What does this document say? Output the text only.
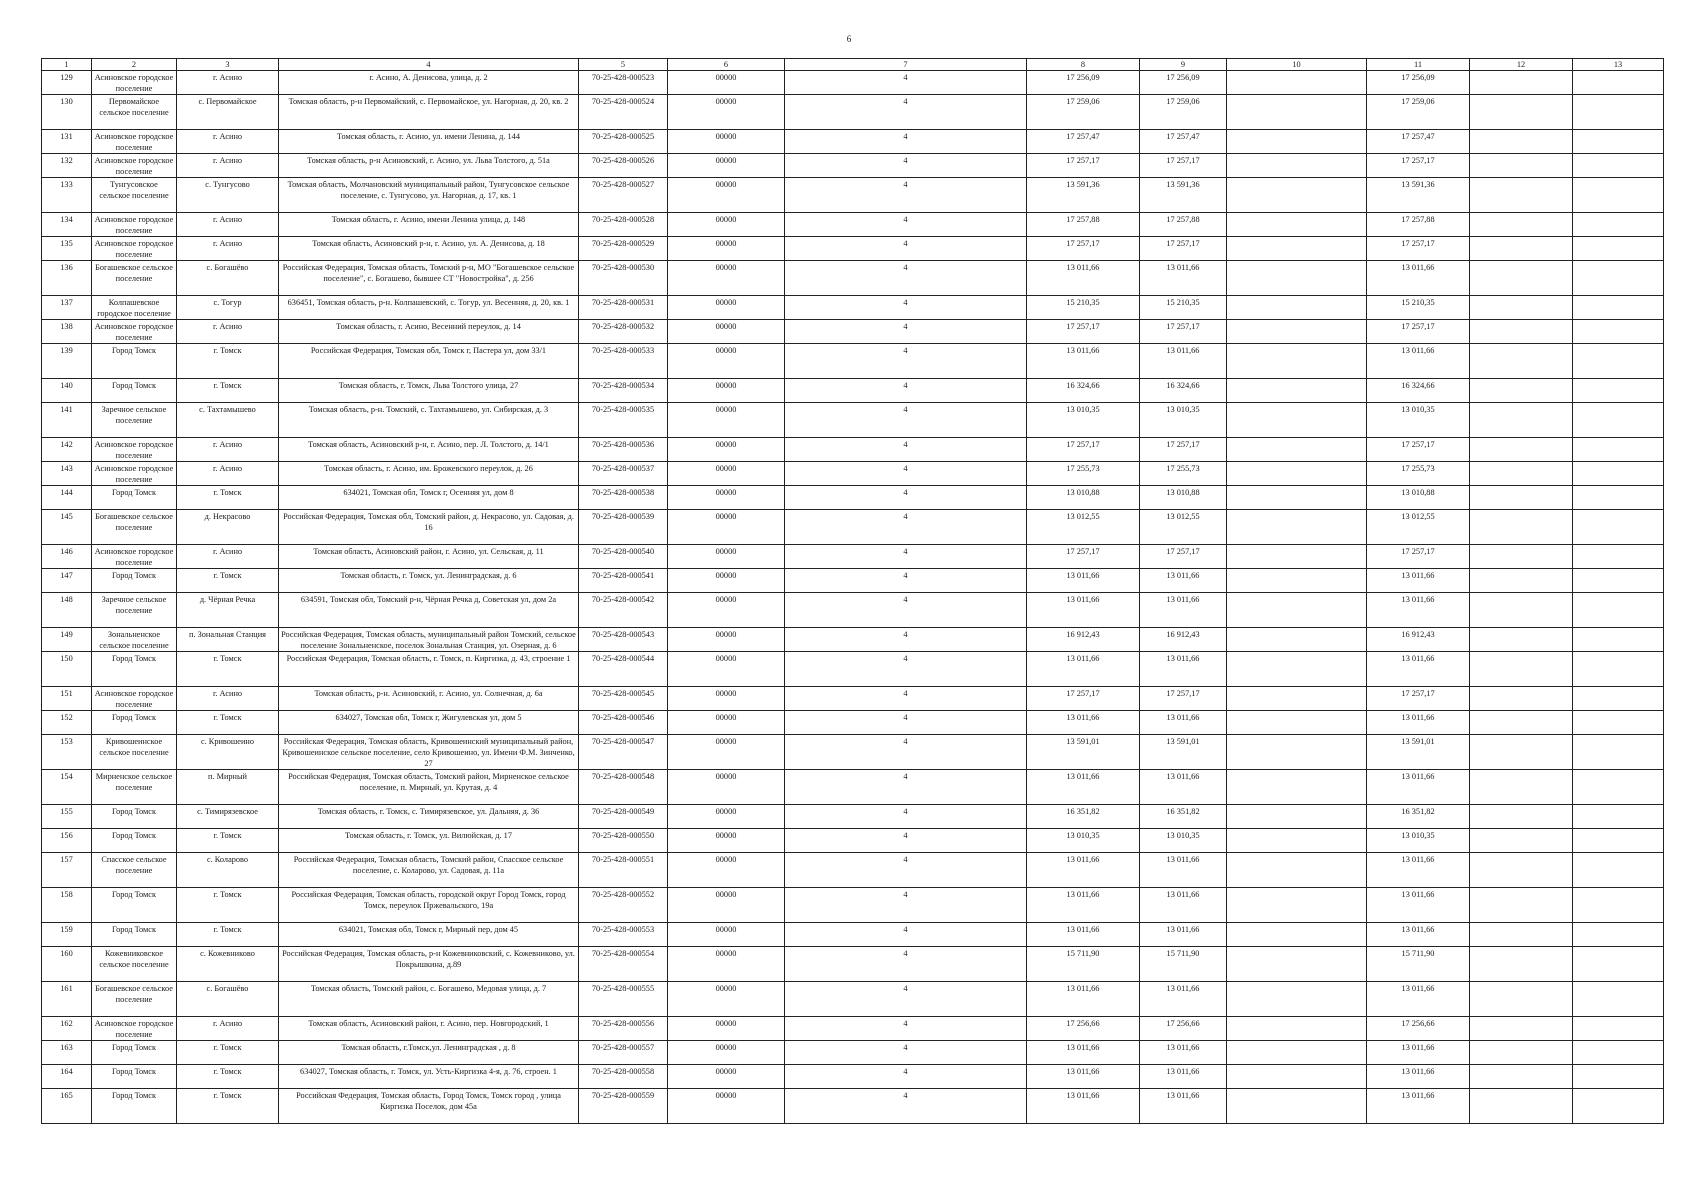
6
1	2	3	4	5	6	7	8	9	10	11	12	13
129	Асиновское городское поселение	г. Асино	г. Асино, А. Денисова, улица, д. 2	70-25-428-000523	00000	4	17 256,09	17 256,09		17 256,09		
130	Первомайское сельское поселение	с. Первомайское	Томская область, р-н Первомайский, с. Первомайское, ул. Нагорная, д. 20, кв. 2	70-25-428-000524	00000	4	17 259,06	17 259,06		17 259,06		
131	Асиновское городское поселение	г. Асино	Томская область, г. Асино, ул. имени Ленина, д. 144	70-25-428-000525	00000	4	17 257,47	17 257,47		17 257,47		
132	Асиновское городское поселение	г. Асино	Томская область, р-н Асиновский, г. Асино, ул. Льва Толстого, д. 51а	70-25-428-000526	00000	4	17 257,17	17 257,17		17 257,17		
133	Тунгусовское сельское поселение	с. Тунгусово	Томская область, Молчановский муниципальный район, Тунгусовское сельское поселение, с. Тунгусово, ул. Нагорная, д. 17, кв. 1	70-25-428-000527	00000	4	13 591,36	13 591,36		13 591,36		
134	Асиновское городское поселение	г. Асино	Томская область, г. Асино, имени Ленина улица, д. 148	70-25-428-000528	00000	4	17 257,88	17 257,88		17 257,88		
135	Асиновское городское поселение	г. Асино	Томская область, Асиновский р-н, г. Асино, ул. А. Денисова, д. 18	70-25-428-000529	00000	4	17 257,17	17 257,17		17 257,17		
136	Богашевское сельское поселение	с. Богашёво	Российская Федерация, Томская область, Томский р-н, МО "Богашевское сельское поселение", с. Богашево, бывшее СТ "Новостройка", д. 256	70-25-428-000530	00000	4	13 011,66	13 011,66		13 011,66		
137	Колпашевское городское поселение	с. Тогур	636451, Томская область, р-н. Колпашевский, с. Тогур, ул. Весенняя, д. 20, кв. 1	70-25-428-000531	00000	4	15 210,35	15 210,35		15 210,35		
138	Асиновское городское поселение	г. Асино	Томская область, г. Асино, Весенний переулок, д. 14	70-25-428-000532	00000	4	17 257,17	17 257,17		17 257,17		
139	Город Томск	г. Томск	Российская Федерация, Томская обл, Томск г, Пастера ул, дом 33/1	70-25-428-000533	00000	4	13 011,66	13 011,66		13 011,66		
140	Город Томск	г. Томск	Томская область, г. Томск, Льва Толстого улица, 27	70-25-428-000534	00000	4	16 324,66	16 324,66		16 324,66		
141	Заречное сельское поселение	с. Тахтамышево	Томская область, р-н. Томский, с. Тахтамышево, ул. Сибирская, д. 3	70-25-428-000535	00000	4	13 010,35	13 010,35		13 010,35		
142	Асиновское городское поселение	г. Асино	Томская область, Асиновский р-н, г. Асино, пер. Л. Толстого, д. 14/1	70-25-428-000536	00000	4	17 257,17	17 257,17		17 257,17		
143	Асиновское городское поселение	г. Асино	Томская область, г. Асино, им. Брожевского переулок, д. 26	70-25-428-000537	00000	4	17 255,73	17 255,73		17 255,73		
144	Город Томск	г. Томск	634021, Томская обл, Томск г, Осенняя ул, дом 8	70-25-428-000538	00000	4	13 010,88	13 010,88		13 010,88		
145	Богашевское сельское поселение	д. Некрасово	Российская Федерация, Томская обл, Томский район, д. Некрасово, ул. Садовая, д. 16	70-25-428-000539	00000	4	13 012,55	13 012,55		13 012,55		
146	Асиновское городское поселение	г. Асино	Томская область, Асиновский район, г. Асино, ул. Сельская, д. 11	70-25-428-000540	00000	4	17 257,17	17 257,17		17 257,17		
147	Город Томск	г. Томск	Томская область, г. Томск, ул. Ленинградская, д. 6	70-25-428-000541	00000	4	13 011,66	13 011,66		13 011,66		
148	Заречное сельское поселение	д. Чёрная Речка	634591, Томская обл, Томский р-н, Чёрная Речка д, Советская ул, дом 2а	70-25-428-000542	00000	4	13 011,66	13 011,66		13 011,66		
149	Зональненское сельское поселение	п. Зональная Станция	Российская Федерация, Томская область, муниципальный район Томский, сельское поселение Зональненское, поселок Зональная Станция, ул. Озерная, д. 6	70-25-428-000543	00000	4	16 912,43	16 912,43		16 912,43		
150	Город Томск	г. Томск	Российская Федерация, Томская область, г. Томск, п. Киргизка, д. 43, строение 1	70-25-428-000544	00000	4	13 011,66	13 011,66		13 011,66		
151	Асиновское городское поселение	г. Асино	Томская область, р-н. Асиновский, г. Асино, ул. Солнечная, д. 6а	70-25-428-000545	00000	4	17 257,17	17 257,17		17 257,17		
152	Город Томск	г. Томск	634027, Томская обл, Томск г, Жигулевская ул, дом 5	70-25-428-000546	00000	4	13 011,66	13 011,66		13 011,66		
153	Кривошеинское сельское поселение	с. Кривошеино	Российская Федерация, Томская область, Кривошеинский муниципальный район, Кривошеинское сельское поселение, село Кривошеино, ул. Имени Ф.М. Зинченко, 27	70-25-428-000547	00000	4	13 591,01	13 591,01		13 591,01		
154	Мирненское сельское поселение	п. Мирный	Российская Федерация, Томская область, Томский район, Мирненское сельское поселение, п. Мирный, ул. Крутая, д. 4	70-25-428-000548	00000	4	13 011,66	13 011,66		13 011,66		
155	Город Томск	с. Тимирязевское	Томская область, г. Томск, с. Тимирязевское, ул. Дальняя, д. 36	70-25-428-000549	00000	4	16 351,82	16 351,82		16 351,82		
156	Город Томск	г. Томск	Томская область, г. Томск, ул. Вилюйская, д. 17	70-25-428-000550	00000	4	13 010,35	13 010,35		13 010,35		
157	Спасское сельское поселение	с. Коларово	Российская Федерация, Томская область, Томский район, Спасское сельское поселение, с. Коларово, ул. Садовая, д. 11а	70-25-428-000551	00000	4	13 011,66	13 011,66		13 011,66		
158	Город Томск	г. Томск	Российская Федерация, Томская область, городской округ Город Томск, город Томск, переулок Пржевальского, 19а	70-25-428-000552	00000	4	13 011,66	13 011,66		13 011,66		
159	Город Томск	г. Томск	634021, Томская обл, Томск г, Мирный пер, дом 45	70-25-428-000553	00000	4	13 011,66	13 011,66		13 011,66		
160	Кожевниковское сельское поселение	с. Кожевниково	Российская Федерация, Томская область, р-н Кожевниковский, с. Кожевниково, ул. Покрышкина, д.89	70-25-428-000554	00000	4	15 711,90	15 711,90		15 711,90		
161	Богашевское сельское поселение	с. Богашёво	Томская область, Томский район, с. Богашево, Медовая улица, д. 7	70-25-428-000555	00000	4	13 011,66	13 011,66		13 011,66		
162	Асиновское городское поселение	г. Асино	Томская область, Асиновский район, г. Асино, пер. Новгородский, 1	70-25-428-000556	00000	4	17 256,66	17 256,66		17 256,66		
163	Город Томск	г. Томск	Томская область, г.Томск,ул. Ленинградская , д. 8	70-25-428-000557	00000	4	13 011,66	13 011,66		13 011,66		
164	Город Томск	г. Томск	634027, Томская область, г. Томск, ул. Усть-Киргизка 4-я, д. 76, строен. 1	70-25-428-000558	00000	4	13 011,66	13 011,66		13 011,66		
165	Город Томск	г. Томск	Российская Федерация, Томская область, Город Томск, Томск город , улица Киргизка Поселок, дом 45а	70-25-428-000559	00000	4	13 011,66	13 011,66		13 011,66		
